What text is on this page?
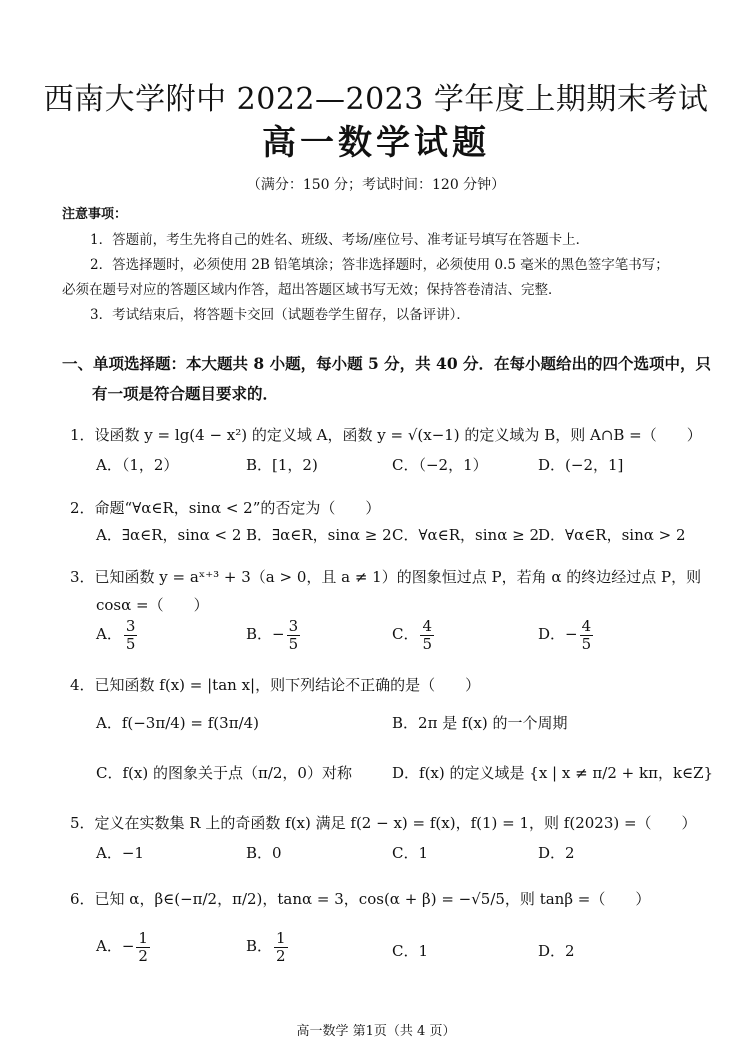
西南大学附中 2022—2023 学年度上期期末考试
高一数学试题
（满分：150 分；考试时间：120 分钟）
注意事项：
1．答题前，考生先将自己的姓名、班级、考场/座位号、准考证号填写在答题卡上．
2．答选择题时，必须使用 2B 铅笔填涂；答非选择题时，必须使用 0.5 毫米的黑色签字笔书写；
必须在题号对应的答题区域内作答，超出答题区域书写无效；保持答卷清洁、完整．
3．考试结束后，将答题卡交回（试题卷学生留存，以备评讲）．
一、单项选择题：本大题共 8 小题，每小题 5 分，共 40 分．在每小题给出的四个选项中，只
有一项是符合题目要求的．
1．设函数 y = lg(4 − x²) 的定义域 A，函数 y = √(x−1) 的定义域为 B，则 A∩B =（　　）
A．（1，2）	B．[1，2)	C．（−2，1）	D．(−2，1]
2．命题“∀α∈R，sinα < 2”的否定为（　　）
A．∃α∈R，sinα < 2 B．∃α∈R，sinα ≥ 2 C．∀α∈R，sinα ≥ 2 D．∀α∈R，sinα > 2
3．已知函数 y = aˣ⁺³ + 3（a > 0，且 a ≠ 1）的图象恒过点 P，若角 α 的终边经过点 P，则
cosα =（　　）
A． $\frac{3}{5}$	B．− $\frac{3}{5}$	C． $\frac{4}{5}$	D．− $\frac{4}{5}$
4．已知函数 f(x) = |tan x|，则下列结论不正确的是（　　）
A．f(−3π/4) = f(3π/4)	B．2π 是 f(x) 的一个周期
C．f(x) 的图象关于点（π/2，0）对称	D．f(x) 的定义域是 {x | x ≠ π/2 + kπ，k∈Z}
5．定义在实数集 R 上的奇函数 f(x) 满足 f(2 − x) = f(x)，f(1) = 1，则 f(2023) =（　　）
A．−1	B．0	C．1	D．2
6．已知 α，β∈(−π/2，π/2)，tanα = 3，cos(α + β) = −√5/5，则 tanβ =（　　）
A．− $\frac{1}{2}$	B． $\frac{1}{2}$	C．1	D．2
高一数学 第1页（共 4 页）
